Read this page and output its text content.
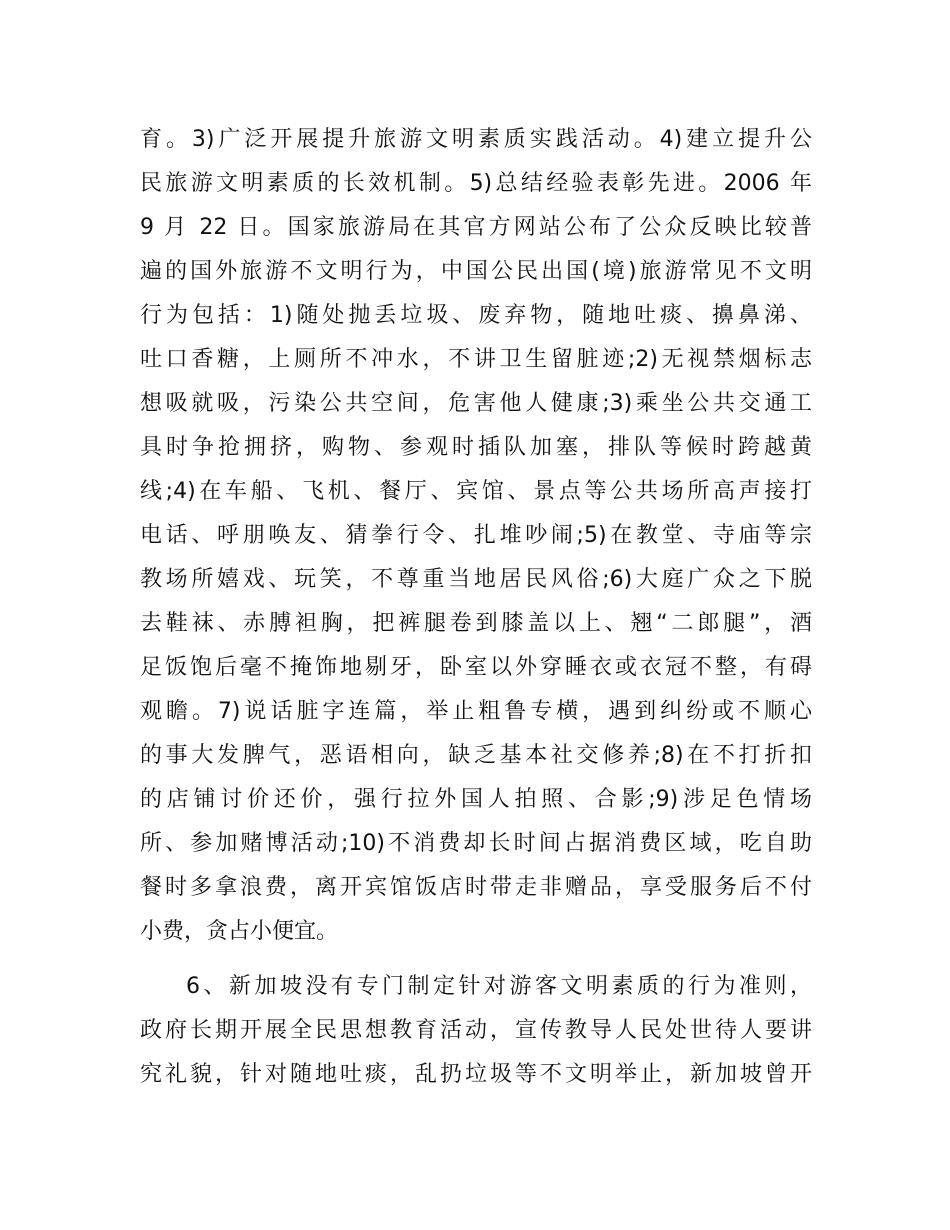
育。3)广泛开展提升旅游文明素质实践活动。4)建立提升公
民旅游文明素质的长效机制。5)总结经验表彰先进。2006 年
9 月 22 日。国家旅游局在其官方网站公布了公众反映比较普
遍的国外旅游不文明行为，中国公民出国(境)旅游常见不文明
行为包括：1)随处抛丢垃圾、废弃物，随地吐痰、擤鼻涕、
吐口香糖，上厕所不冲水，不讲卫生留脏迹;2)无视禁烟标志
想吸就吸，污染公共空间，危害他人健康;3)乘坐公共交通工
具时争抢拥挤，购物、参观时插队加塞，排队等候时跨越黄
线;4)在车船、飞机、餐厅、宾馆、景点等公共场所高声接打
电话、呼朋唤友、猜拳行令、扎堆吵闹;5)在教堂、寺庙等宗
教场所嬉戏、玩笑，不尊重当地居民风俗;6)大庭广众之下脱
去鞋袜、赤膊袒胸，把裤腿卷到膝盖以上、翘“二郎腿”，酒
足饭饱后毫不掩饰地剔牙，卧室以外穿睡衣或衣冠不整，有碍
观瞻。7)说话脏字连篇，举止粗鲁专横，遇到纠纷或不顺心
的事大发脾气，恶语相向，缺乏基本社交修养;8)在不打折扣
的店铺讨价还价，强行拉外国人拍照、合影;9)涉足色情场
所、参加赌博活动;10)不消费却长时间占据消费区域，吃自助
餐时多拿浪费，离开宾馆饭店时带走非赠品，享受服务后不付
小费，贪占小便宜。
6、新加坡没有专门制定针对游客文明素质的行为准则，
政府长期开展全民思想教育活动，宣传教导人民处世待人要讲
究礼貌，针对随地吐痰，乱扔垃圾等不文明举止，新加坡曾开
